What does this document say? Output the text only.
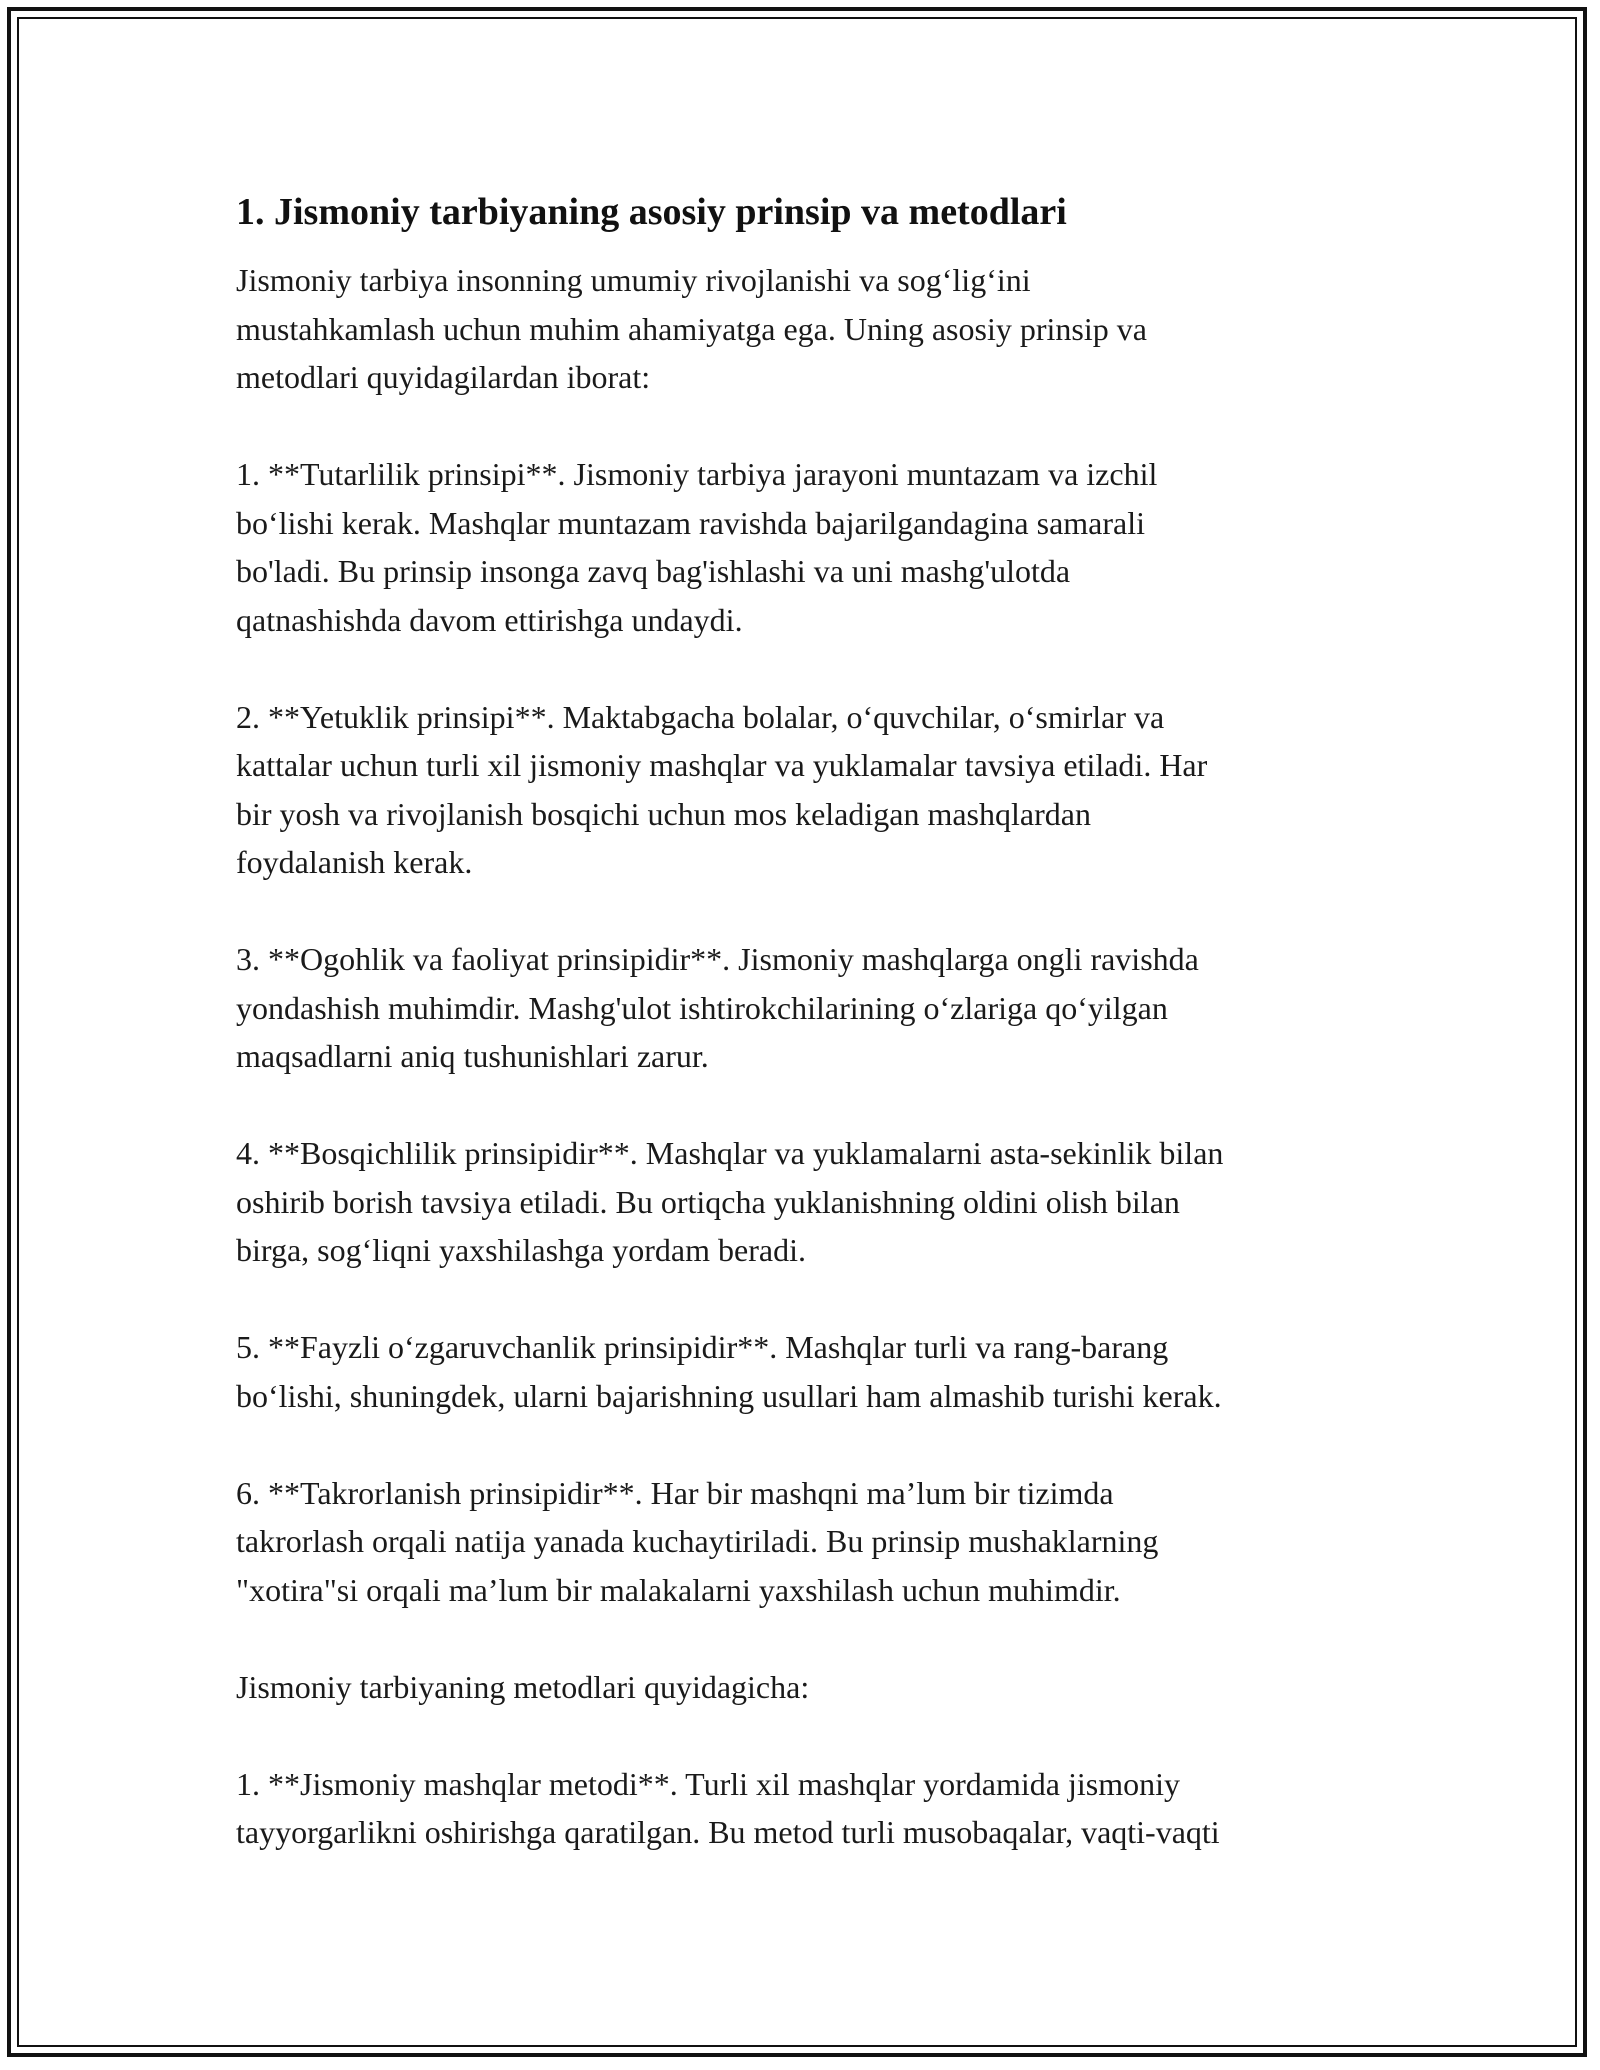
1. Jismoniy tarbiyaning asosiy prinsip va metodlari

Jismoniy tarbiya insonning umumiy rivojlanishi va sog‘lig‘ini
mustahkamlash uchun muhim ahamiyatga ega. Uning asosiy prinsip va
metodlari quyidagilardan iborat:

1. **Tutarlilik prinsipi**. Jismoniy tarbiya jarayoni muntazam va izchil
bo‘lishi kerak. Mashqlar muntazam ravishda bajarilgandagina samarali
bo'ladi. Bu prinsip insonga zavq bag'ishlashi va uni mashg'ulotda
qatnashishda davom ettirishga undaydi.

2. **Yetuklik prinsipi**. Maktabgacha bolalar, o‘quvchilar, o‘smirlar va
kattalar uchun turli xil jismoniy mashqlar va yuklamalar tavsiya etiladi. Har
bir yosh va rivojlanish bosqichi uchun mos keladigan mashqlardan
foydalanish kerak.

3. **Ogohlik va faoliyat prinsipidir**. Jismoniy mashqlarga ongli ravishda
yondashish muhimdir. Mashg'ulot ishtirokchilarining o‘zlariga qo‘yilgan
maqsadlarni aniq tushunishlari zarur.

4. **Bosqichlilik prinsipidir**. Mashqlar va yuklamalarni asta-sekinlik bilan
oshirib borish tavsiya etiladi. Bu ortiqcha yuklanishning oldini olish bilan
birga, sog‘liqni yaxshilashga yordam beradi.

5. **Fayzli o‘zgaruvchanlik prinsipidir**. Mashqlar turli va rang-barang
bo‘lishi, shuningdek, ularni bajarishning usullari ham almashib turishi kerak.

6. **Takrorlanish prinsipidir**. Har bir mashqni ma’lum bir tizimda
takrorlash orqali natija yanada kuchaytiriladi. Bu prinsip mushaklarning
"xotira"si orqali ma’lum bir malakalarni yaxshilash uchun muhimdir.

Jismoniy tarbiyaning metodlari quyidagicha:

1. **Jismoniy mashqlar metodi**. Turli xil mashqlar yordamida jismoniy
tayyorgarlikni oshirishga qaratilgan. Bu metod turli musobaqalar, vaqti-vaqti
